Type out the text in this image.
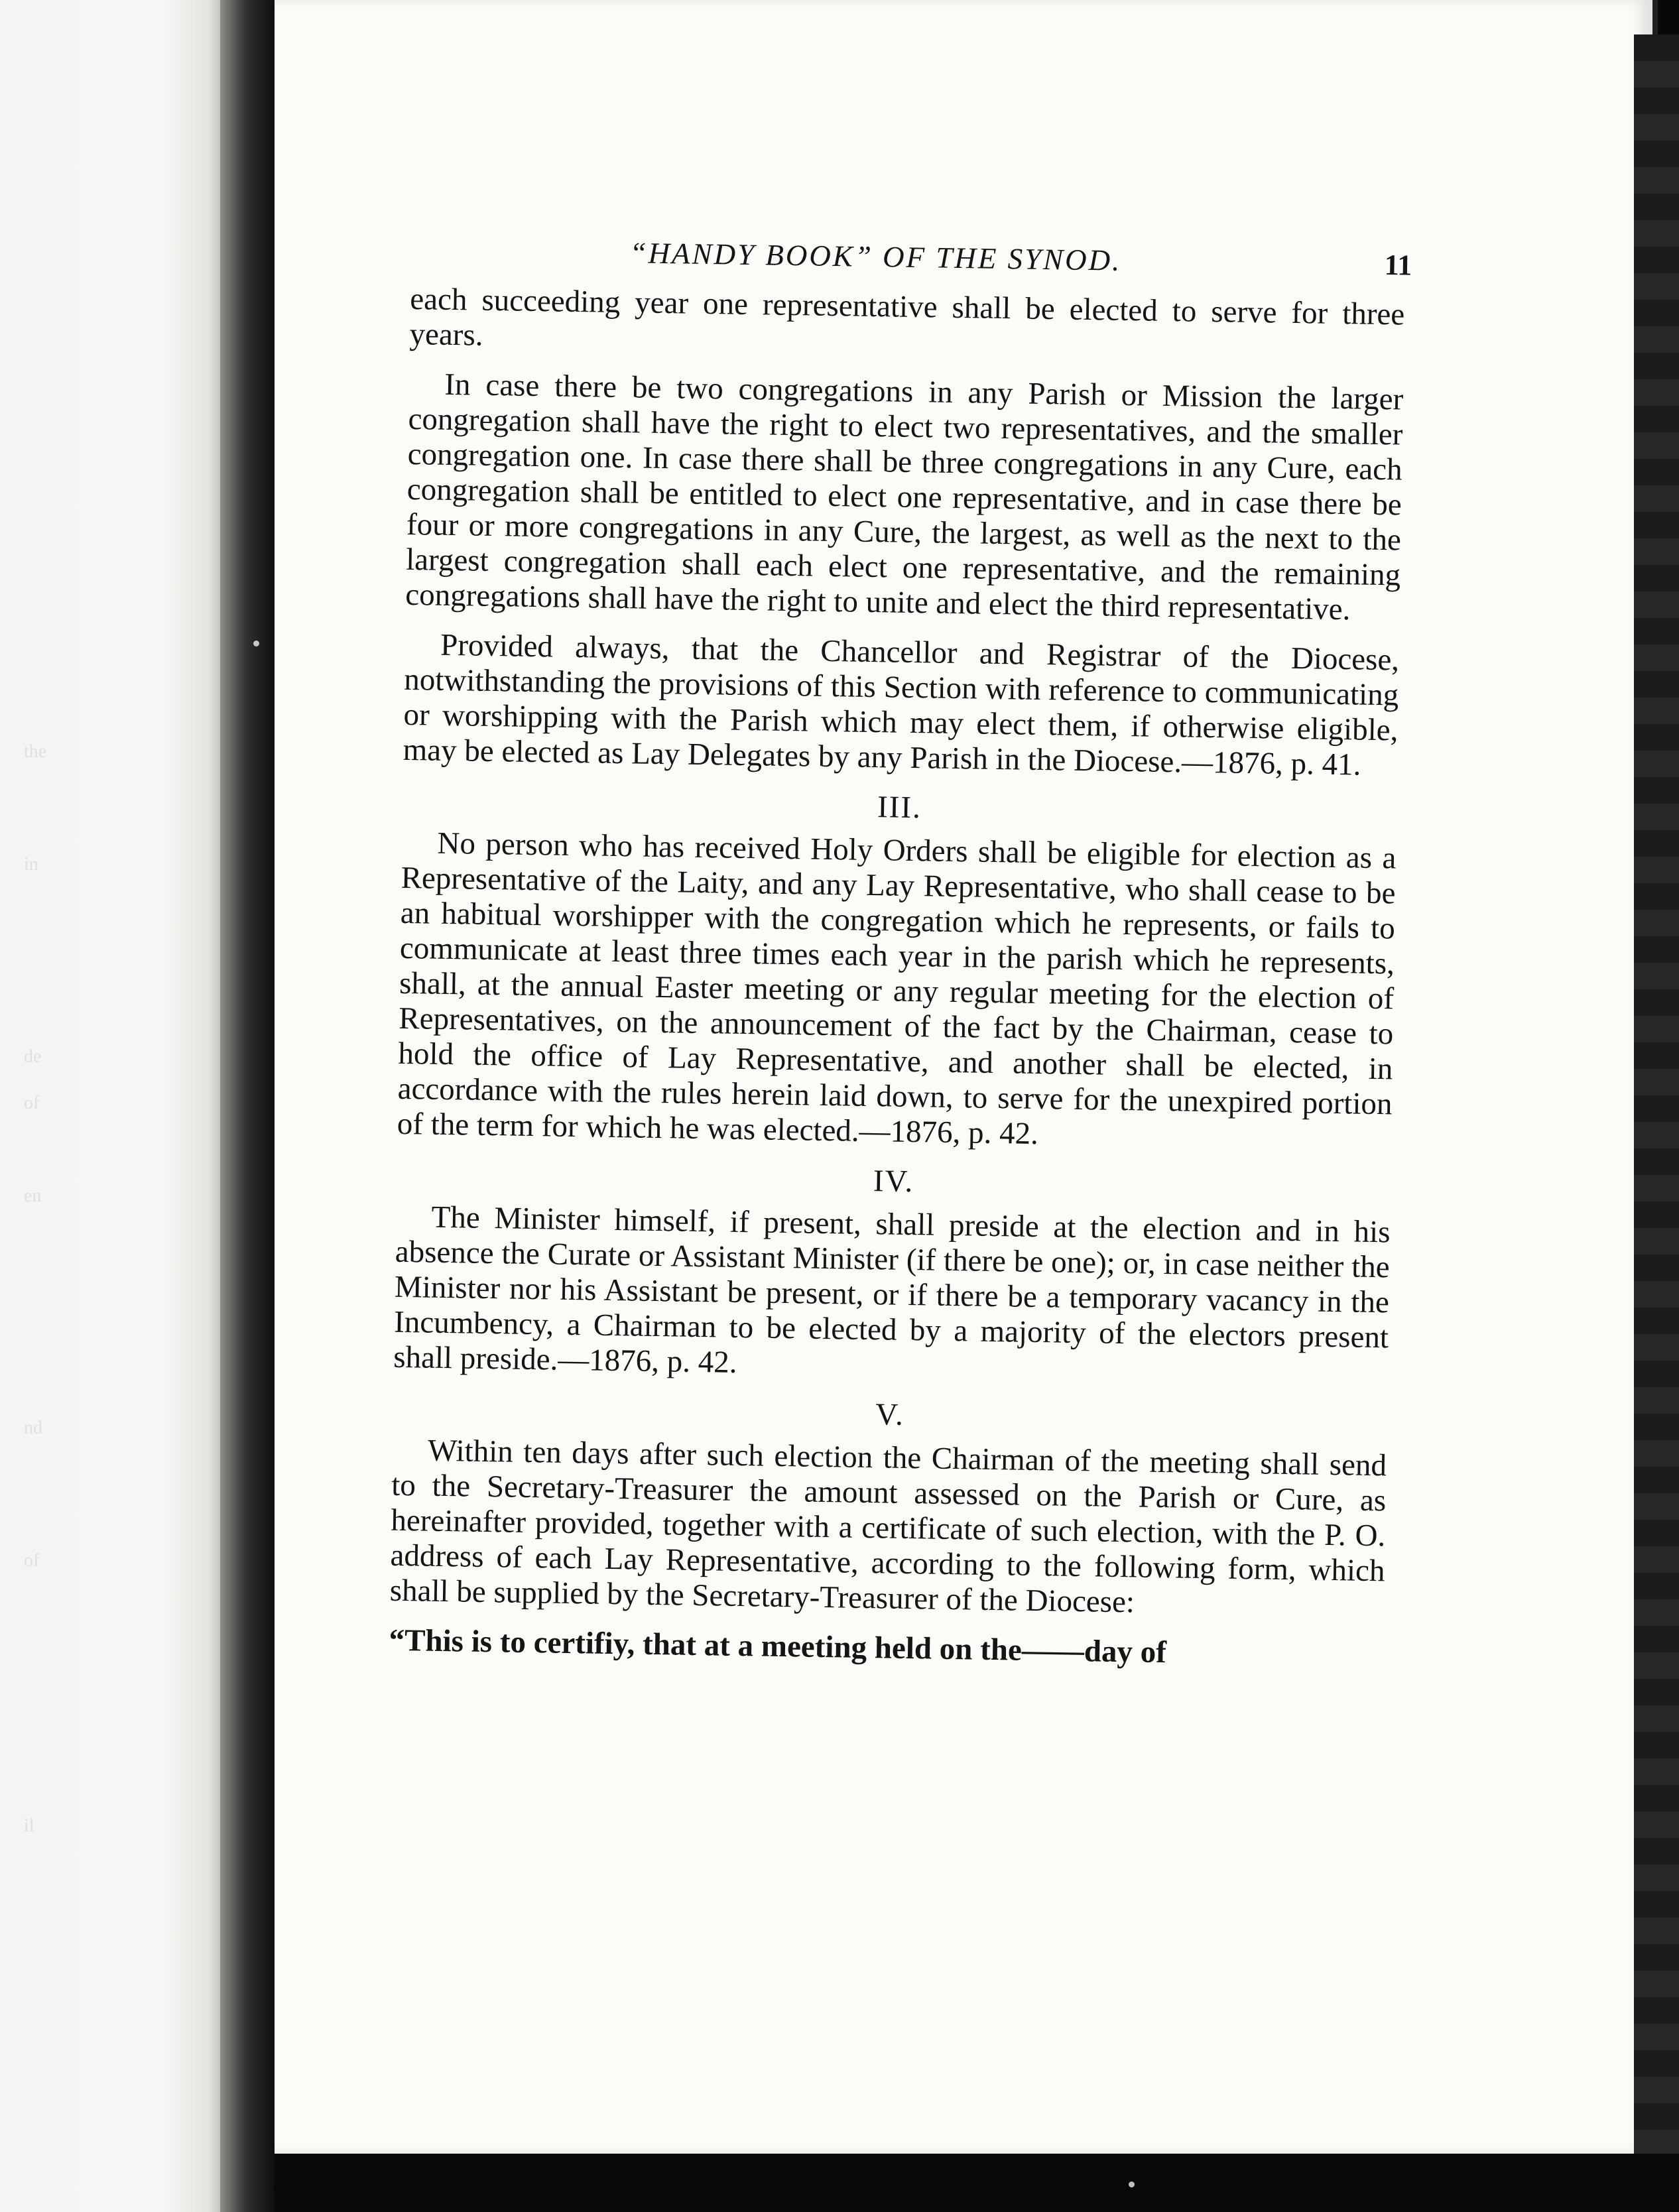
the
in
de
of
en
nd
of
il
“HANDY BOOK” OF THE SYNOD.	11

each succeeding year one representative shall be elected to serve for three years.

In case there be two congregations in any Parish or Mission the larger congregation shall have the right to elect two representatives, and the smaller congregation one. In case there shall be three congregations in any Cure, each congregation shall be entitled to elect one representative, and in case there be four or more congregations in any Cure, the largest, as well as the next to the largest congregation shall each elect one representative, and the remaining congregations shall have the right to unite and elect the third representative.

Provided always, that the Chancellor and Registrar of the Diocese, notwithstanding the provisions of this Section with reference to communicating or worshipping with the Parish which may elect them, if otherwise eligible, may be elected as Lay Delegates by any Parish in the Diocese.—1876, p. 41.

III.

No person who has received Holy Orders shall be eligible for election as a Representative of the Laity, and any Lay Representative, who shall cease to be an habitual worshipper with the congregation which he represents, or fails to communicate at least three times each year in the parish which he represents, shall, at the annual Easter meeting or any regular meeting for the election of Representatives, on the announcement of the fact by the Chairman, cease to hold the office of Lay Representative, and another shall be elected, in accordance with the rules herein laid down, to serve for the unexpired portion of the term for which he was elected.—1876, p. 42.

IV.

The Minister himself, if present, shall preside at the election and in his absence the Curate or Assistant Minister (if there be one); or, in case neither the Minister nor his Assistant be present, or if there be a temporary vacancy in the Incumbency, a Chairman to be elected by a majority of the electors present shall preside.—1876, p. 42.

V.

Within ten days after such election the Chairman of the meeting shall send to the Secretary-Treasurer the amount assessed on the Parish or Cure, as hereinafter provided, together with a certificate of such election, with the P. O. address of each Lay Representative, according to the following form, which shall be supplied by the Secretary-Treasurer of the Diocese:

“This is to certifiy, that at a meeting held on the——day of
